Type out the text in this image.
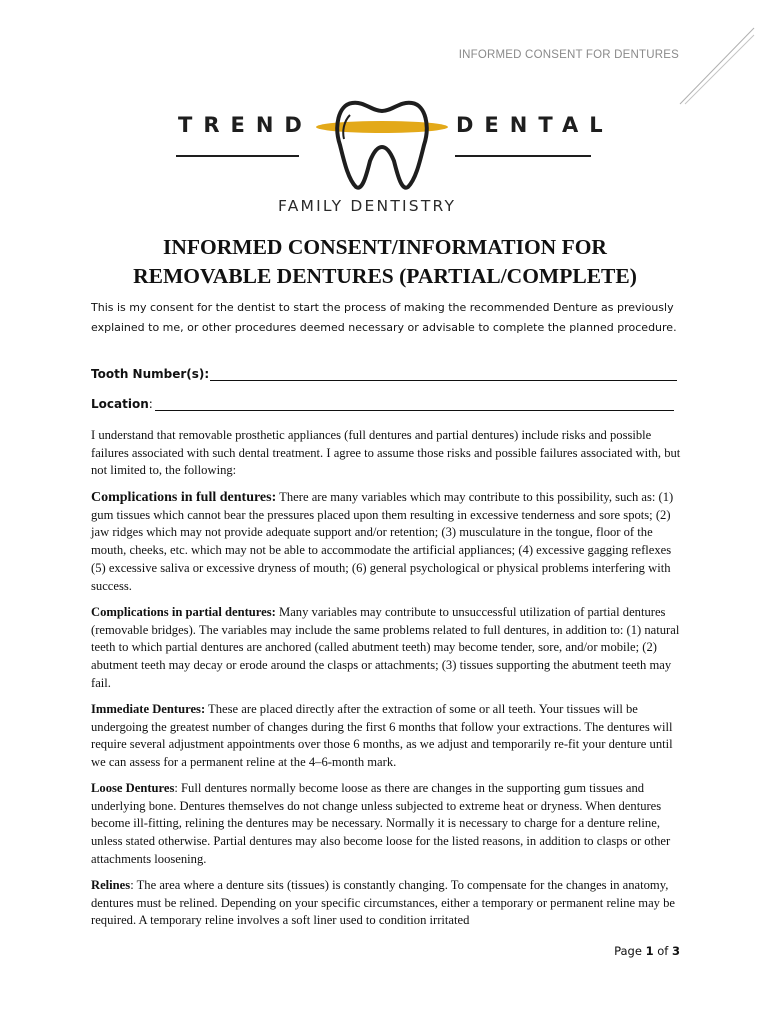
INFORMED CONSENT FOR DENTURES
TREND	DENTAL
FAMILY DENTISTRY
INFORMED CONSENT/INFORMATION FOR
REMOVABLE DENTURES (PARTIAL/COMPLETE)
This is my consent for the dentist to start the process of making the recommended Denture as previously explained to me, or other procedures deemed necessary or advisable to complete the planned procedure.
Tooth Number(s):
Location:
I understand that removable prosthetic appliances (full dentures and partial dentures) include risks and possible failures associated with such dental treatment. I agree to assume those risks and possible failures associated with, but not limited to, the following:
Complications in full dentures: There are many variables which may contribute to this possibility, such as: (1) gum tissues which cannot bear the pressures placed upon them resulting in excessive tenderness and sore spots; (2) jaw ridges which may not provide adequate support and/or retention; (3) musculature in the tongue, floor of the mouth, cheeks, etc. which may not be able to accommodate the artificial appliances; (4) excessive gagging reflexes (5) excessive saliva or excessive dryness of mouth; (6) general psychological or physical problems interfering with success.
Complications in partial dentures: Many variables may contribute to unsuccessful utilization of partial dentures (removable bridges). The variables may include the same problems related to full dentures, in addition to: (1) natural teeth to which partial dentures are anchored (called abutment teeth) may become tender, sore, and/or mobile; (2) abutment teeth may decay or erode around the clasps or attachments; (3) tissues supporting the abutment teeth may fail.
Immediate Dentures: These are placed directly after the extraction of some or all teeth. Your tissues will be undergoing the greatest number of changes during the first 6 months that follow your extractions. The dentures will require several adjustment appointments over those 6 months, as we adjust and temporarily re-fit your denture until we can assess for a permanent reline at the 4–6-month mark.
Loose Dentures: Full dentures normally become loose as there are changes in the supporting gum tissues and underlying bone. Dentures themselves do not change unless subjected to extreme heat or dryness. When dentures become ill-fitting, relining the dentures may be necessary. Normally it is necessary to charge for a denture reline, unless stated otherwise. Partial dentures may also become loose for the listed reasons, in addition to clasps or other attachments loosening.
Relines: The area where a denture sits (tissues) is constantly changing. To compensate for the changes in anatomy, dentures must be relined. Depending on your specific circumstances, either a temporary or permanent reline may be required. A temporary reline involves a soft liner used to condition irritated
Page 1 of 3
